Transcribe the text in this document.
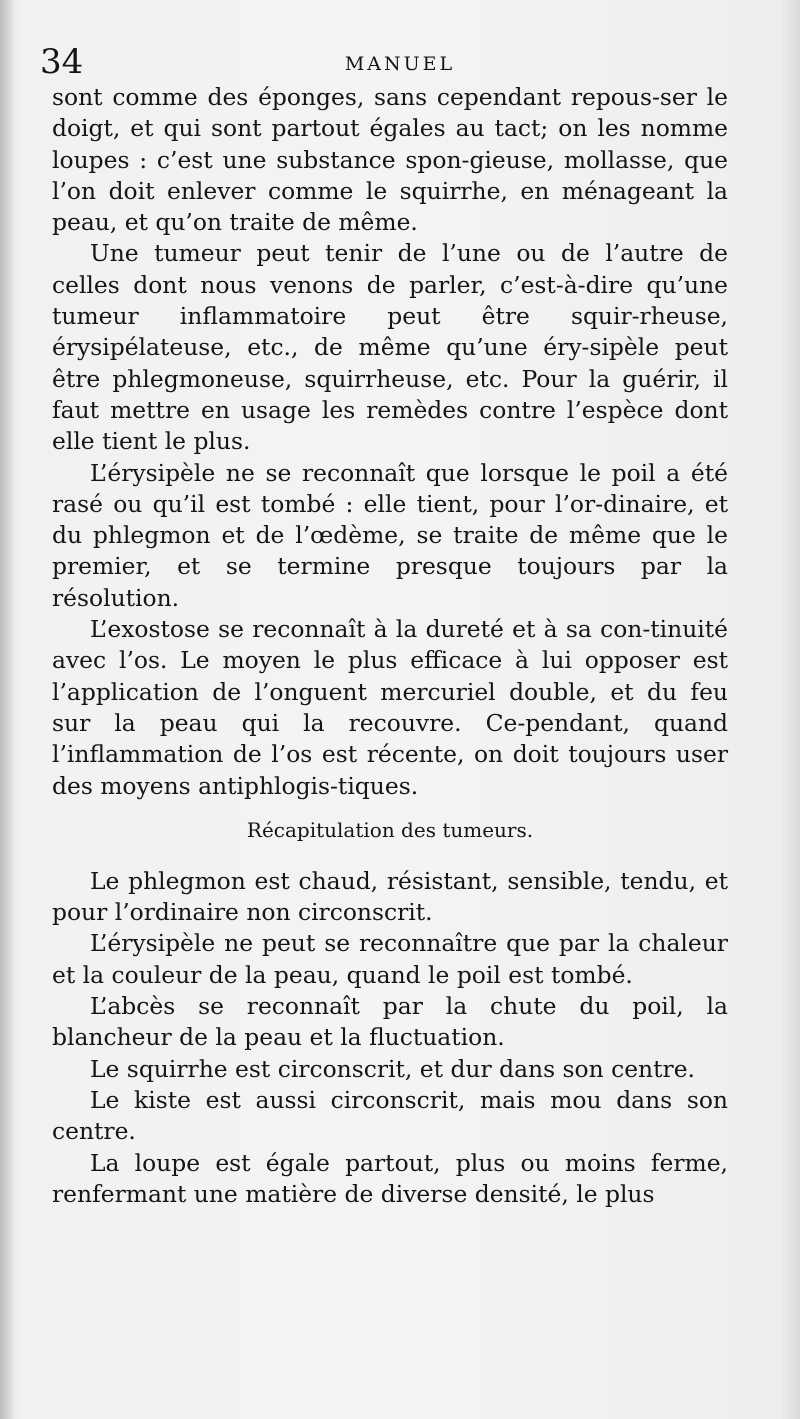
34	MANUEL

sont comme des éponges, sans cependant repous-ser le doigt, et qui sont partout égales au tact; on les nomme loupes : c’est une substance spon-gieuse, mollasse, que l’on doit enlever comme le squirrhe, en ménageant la peau, et qu’on traite de même.

Une tumeur peut tenir de l’une ou de l’autre de celles dont nous venons de parler, c’est-à-dire qu’une tumeur inflammatoire peut être squir-rheuse, érysipélateuse, etc., de même qu’une éry-sipèle peut être phlegmoneuse, squirrheuse, etc. Pour la guérir, il faut mettre en usage les remèdes contre l’espèce dont elle tient le plus.

L’érysipèle ne se reconnaît que lorsque le poil a été rasé ou qu’il est tombé : elle tient, pour l’or-dinaire, et du phlegmon et de l’œdème, se traite de même que le premier, et se termine presque toujours par la résolution.

L’exostose se reconnaît à la dureté et à sa con-tinuité avec l’os. Le moyen le plus efficace à lui opposer est l’application de l’onguent mercuriel double, et du feu sur la peau qui la recouvre. Ce-pendant, quand l’inflammation de l’os est récente, on doit toujours user des moyens antiphlogis-tiques.

Récapitulation des tumeurs.

Le phlegmon est chaud, résistant, sensible, tendu, et pour l’ordinaire non circonscrit.

L’érysipèle ne peut se reconnaître que par la chaleur et la couleur de la peau, quand le poil est tombé.

L’abcès se reconnaît par la chute du poil, la blancheur de la peau et la fluctuation.

Le squirrhe est circonscrit, et dur dans son centre.

Le kiste est aussi circonscrit, mais mou dans son centre.

La loupe est égale partout, plus ou moins ferme, renfermant une matière de diverse densité, le plus
